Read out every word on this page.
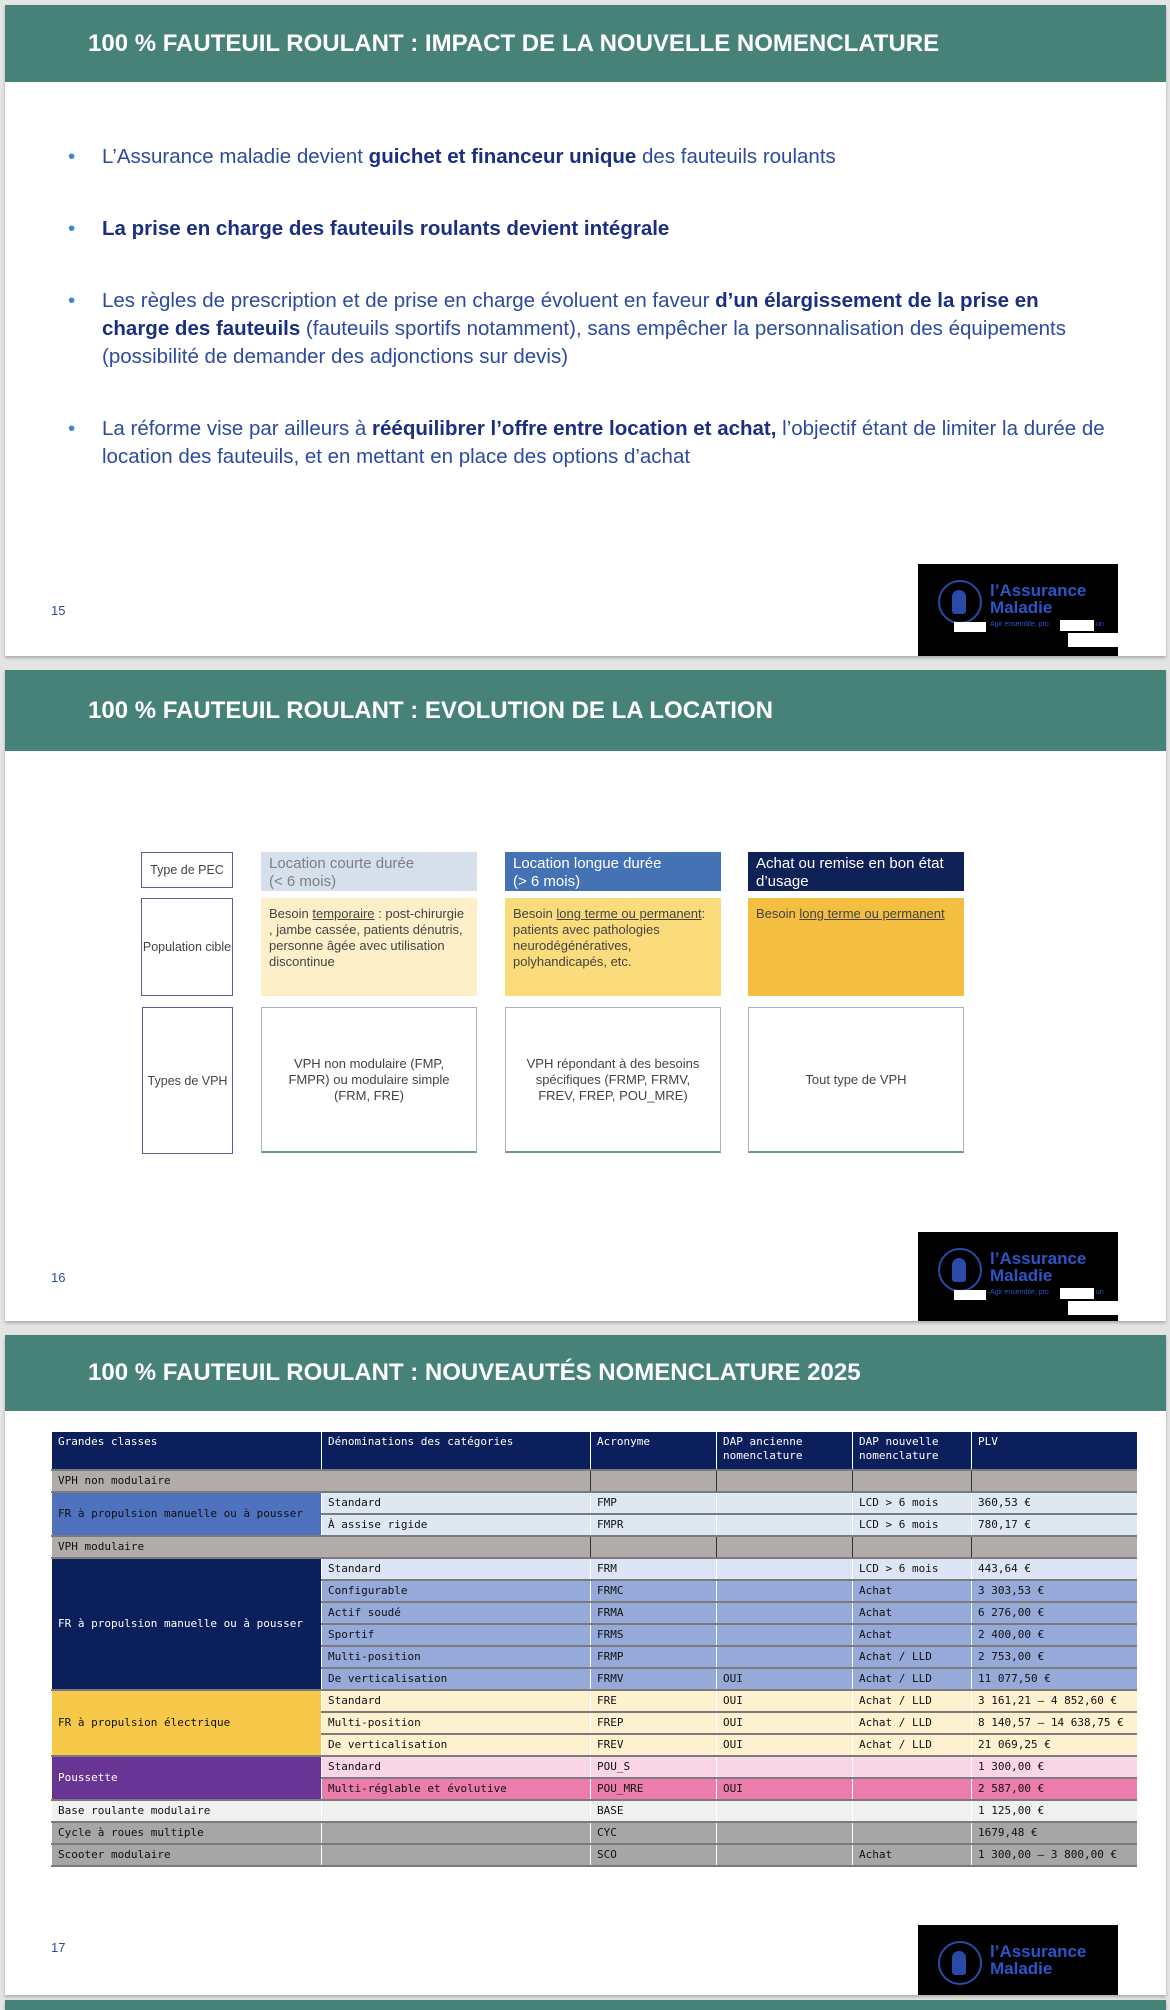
100 % FAUTEUIL ROULANT : IMPACT DE LA NOUVELLE NOMENCLATURE
• L’Assurance maladie devient guichet et financeur unique des fauteuils roulants
• La prise en charge des fauteuils roulants devient intégrale
• Les règles de prescription et de prise en charge évoluent en faveur d’un élargissement de la prise en charge des fauteuils (fauteuils sportifs notamment), sans empêcher la personnalisation des équipements (possibilité de demander des adjonctions sur devis)
• La réforme vise par ailleurs à rééquilibrer l’offre entre location et achat, l’objectif étant de limiter la durée de location des fauteuils, et en mettant en place des options d’achat
15
l’Assurance Maladie
Agir ensemble, pro	un
100 % FAUTEUIL ROULANT : EVOLUTION DE LA LOCATION
Type de PEC
Population cible
Types de VPH
Location courte durée
(< 6 mois)
Besoin temporaire : post-chirurgie , jambe cassée, patients dénutris, personne âgée avec utilisation discontinue
VPH non modulaire (FMP, FMPR) ou modulaire simple (FRM, FRE)
Location longue durée
(> 6 mois)
Besoin long terme ou permanent: patients avec pathologies neurodégénératives, polyhandicapés, etc.
VPH répondant à des besoins spécifiques (FRMP, FRMV, FREV, FREP, POU_MRE)
Achat ou remise en bon état d’usage
Besoin long terme ou permanent
Tout type de VPH
16
l’Assurance Maladie
Agir ensemble, pro	un
100 % FAUTEUIL ROULANT : NOUVEAUTÉS NOMENCLATURE 2025
Grandes classes	Dénominations des catégories	Acronyme	DAP ancienne nomenclature	DAP nouvelle nomenclature	PLV
VPH non modulaire					
FR à propulsion manuelle ou à pousser	Standard	FMP		LCD > 6 mois	360,53 €
	À assise rigide	FMPR		LCD > 6 mois	780,17 €
VPH modulaire					
FR à propulsion manuelle ou à pousser	Standard	FRM		LCD > 6 mois	443,64 €
	Configurable	FRMC		Achat	3 303,53 €
	Actif soudé	FRMA		Achat	6 276,00 €
	Sportif	FRMS		Achat	2 400,00 €
	Multi-position	FRMP		Achat / LLD	2 753,00 €
	De verticalisation	FRMV	OUI	Achat / LLD	11 077,50 €
FR à propulsion électrique	Standard	FRE	OUI	Achat / LLD	3 161,21 – 4 852,60 €
	Multi-position	FREP	OUI	Achat / LLD	8 140,57 – 14 638,75 €
	De verticalisation	FREV	OUI	Achat / LLD	21 069,25 €
Poussette	Standard	POU_S			1 300,00 €
	Multi-réglable et évolutive	POU_MRE	OUI		2 587,00 €
Base roulante modulaire		BASE			1 125,00 €
Cycle à roues multiple		CYC			1679,48 €
Scooter modulaire		SCO		Achat	1 300,00 – 3 800,00 €
17	l’Assurance Maladie
